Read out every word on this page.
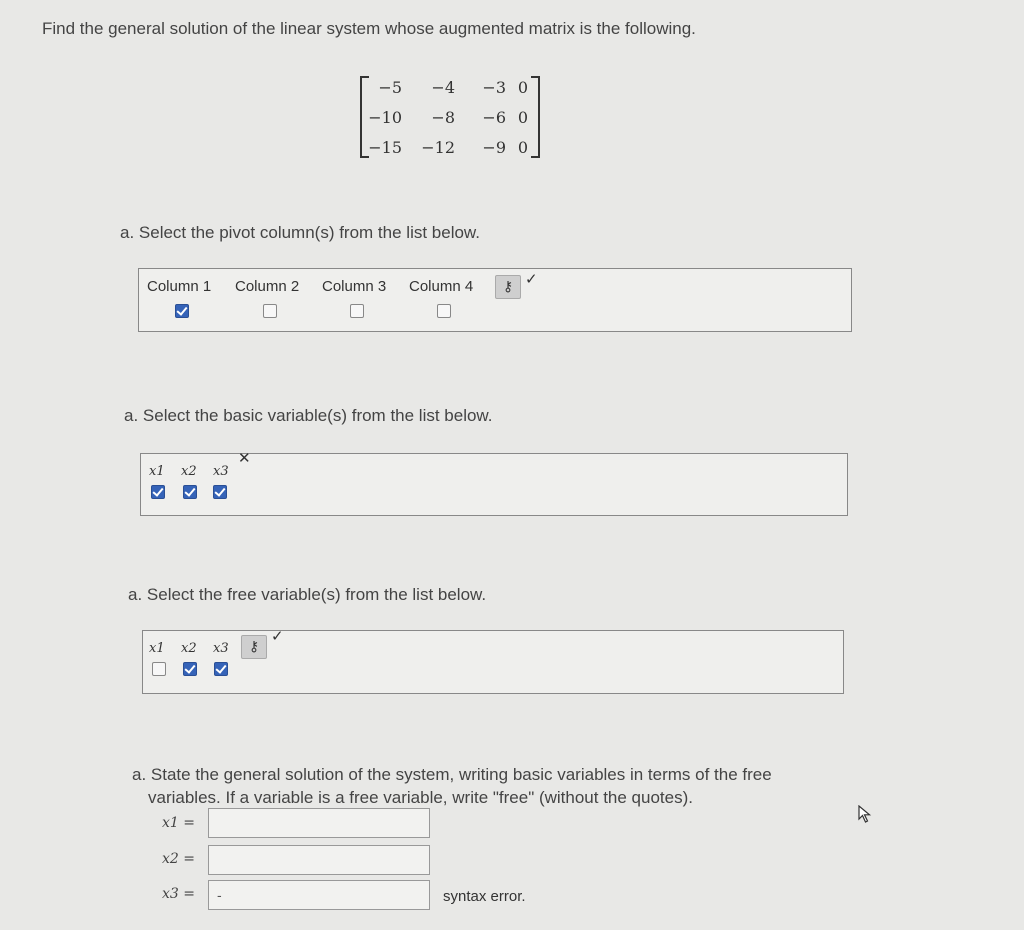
Find the general solution of the linear system whose augmented matrix is the following.
−5	−4	−3 0
−10	−8	−6 0
−15	−12	−9 0
a. Select the pivot column(s) from the list below.
Column 1 Column 2 Column 3 Column 4	⚷ ✓
a. Select the basic variable(s) from the list below.
x1 x2 x3
✕
a. Select the free variable(s) from the list below.
x1 x2 x3	⚷
✓
a. State the general solution of the system, writing basic variables in terms of the free
variables. If a variable is a free variable, write "free" (without the quotes).
x1 =
x2 =
x3 =
-	syntax error.
